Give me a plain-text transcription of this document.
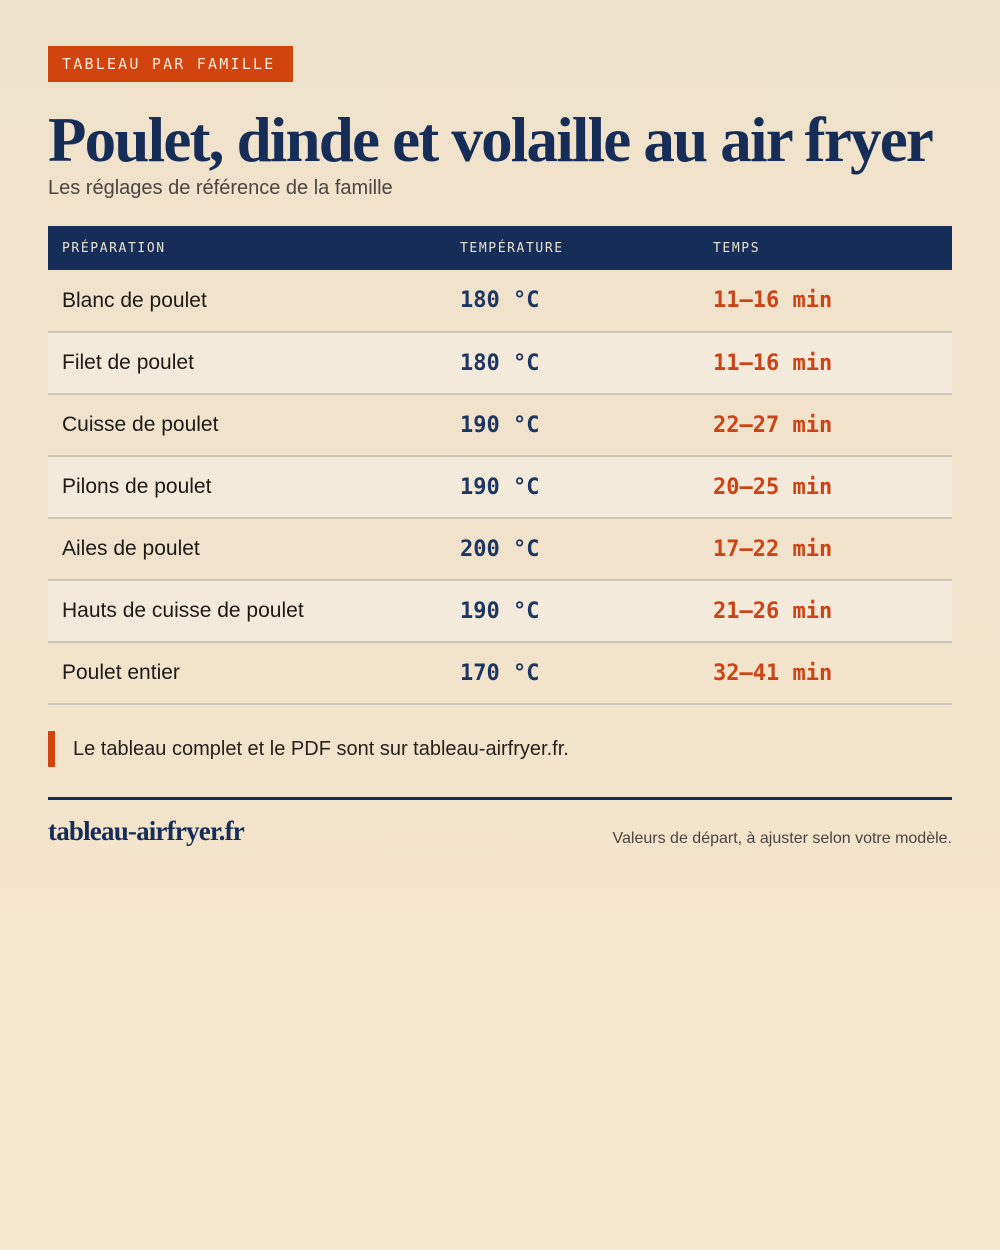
TABLEAU PAR FAMILLE
Poulet, dinde et volaille au air fryer
Les réglages de référence de la famille
PRÉPARATION	TEMPÉRATURE	TEMPS
Blanc de poulet	180 °C	11–16 min
Filet de poulet	180 °C	11–16 min
Cuisse de poulet	190 °C	22–27 min
Pilons de poulet	190 °C	20–25 min
Ailes de poulet	200 °C	17–22 min
Hauts de cuisse de poulet	190 °C	21–26 min
Poulet entier	170 °C	32–41 min
Le tableau complet et le PDF sont sur tableau-airfryer.fr.
tableau-airfryer.fr	Valeurs de départ, à ajuster selon votre modèle.
